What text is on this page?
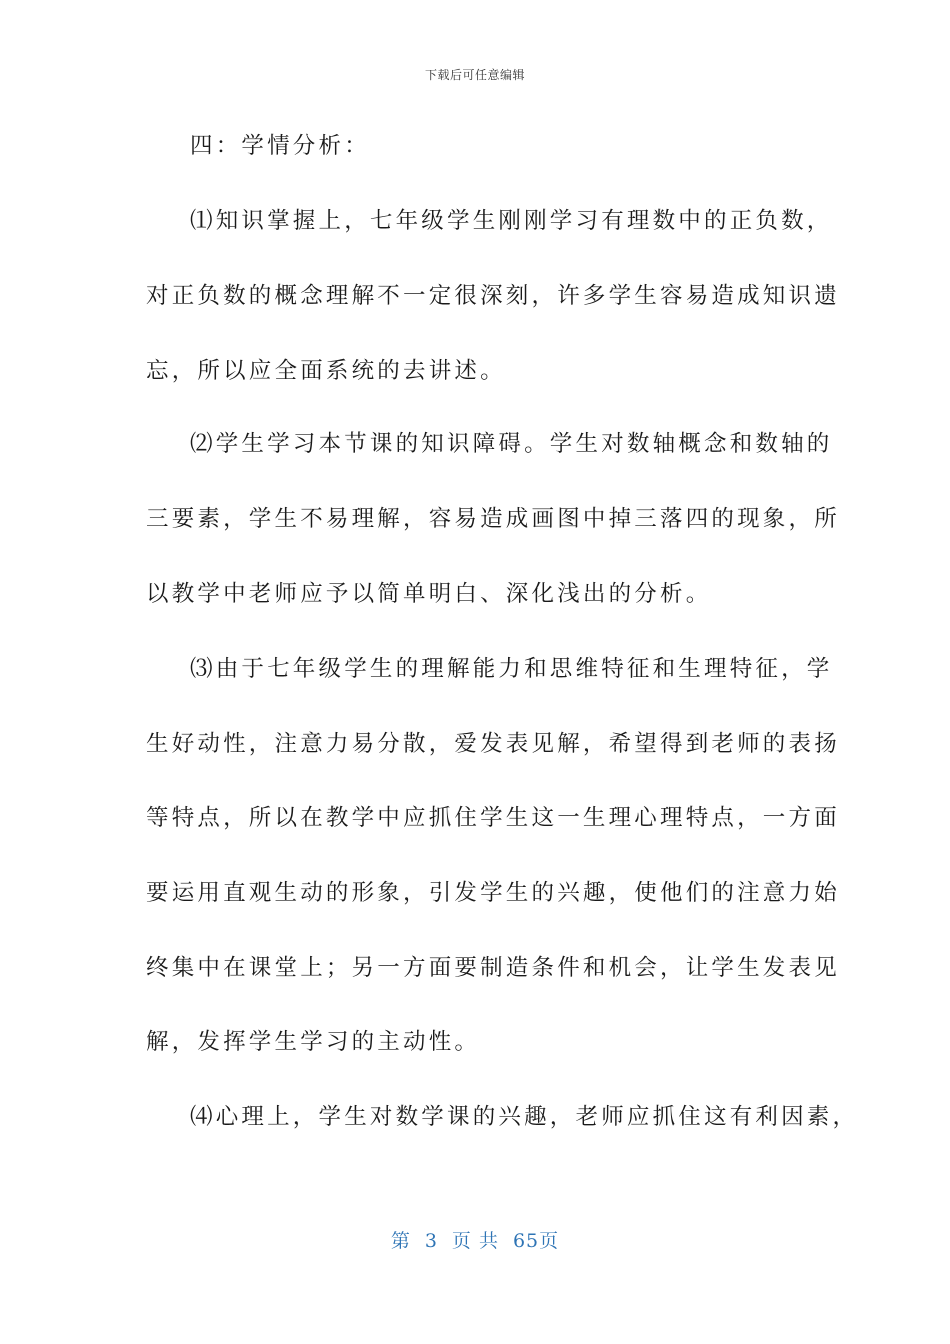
下载后可任意编辑
四：学情分析：
⑴知识掌握上，七年级学生刚刚学习有理数中的正负数，
对正负数的概念理解不一定很深刻，许多学生容易造成知识遗
忘，所以应全面系统的去讲述。
⑵学生学习本节课的知识障碍。学生对数轴概念和数轴的
三要素，学生不易理解，容易造成画图中掉三落四的现象，所
以教学中老师应予以简单明白、深化浅出的分析。
⑶由于七年级学生的理解能力和思维特征和生理特征，学
生好动性，注意力易分散，爱发表见解，希望得到老师的表扬
等特点，所以在教学中应抓住学生这一生理心理特点，一方面
要运用直观生动的形象，引发学生的兴趣，使他们的注意力始
终集中在课堂上；另一方面要制造条件和机会，让学生发表见
解，发挥学生学习的主动性。
⑷心理上，学生对数学课的兴趣，老师应抓住这有利因素，
第 3 页 共 65页
